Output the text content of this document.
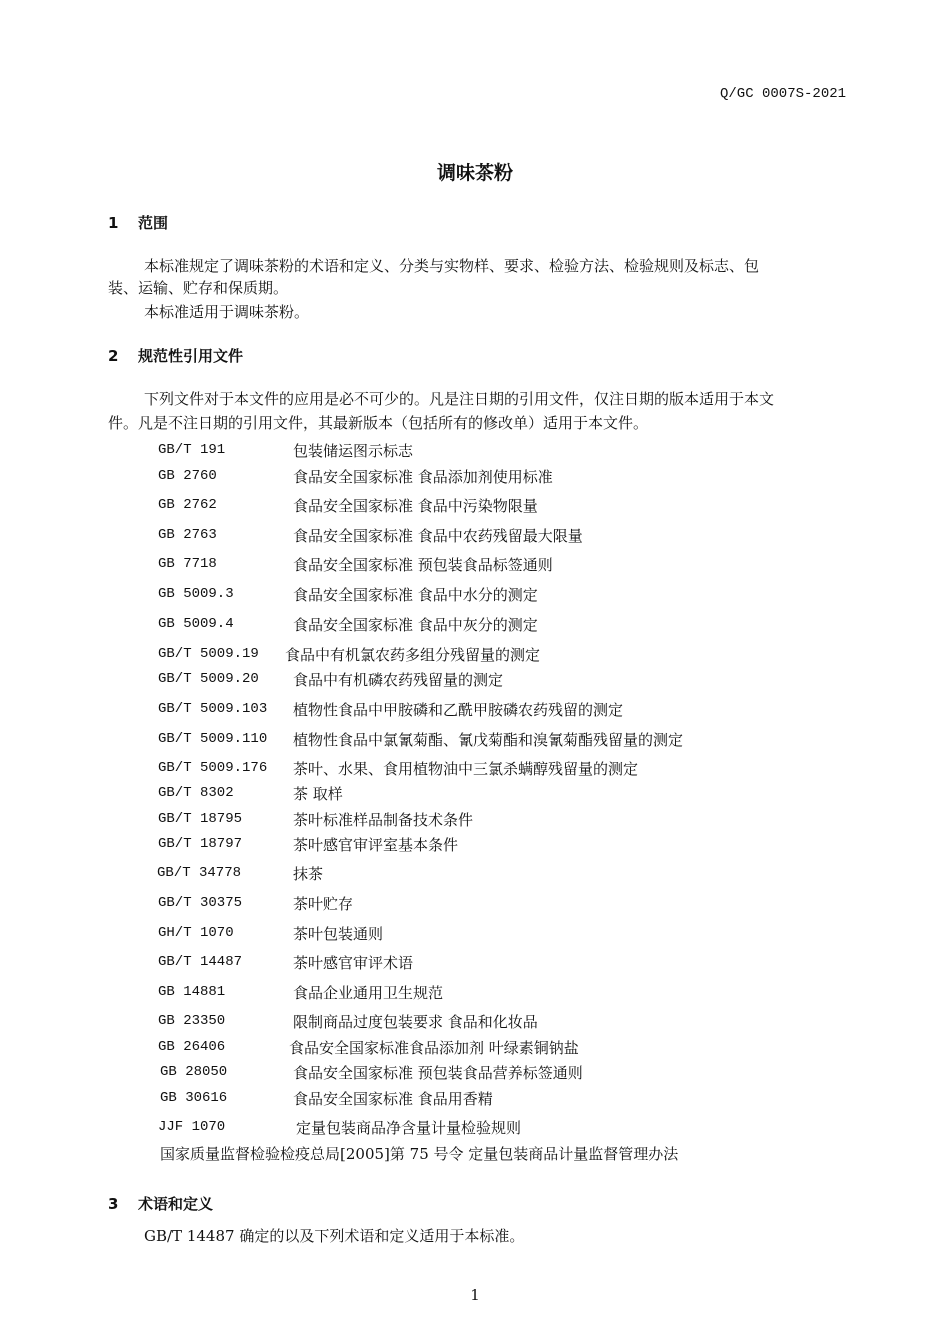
Q/GC 0007S-2021
调味茶粉
1 范围
本标准规定了调味茶粉的术语和定义、分类与实物样、要求、检验方法、检验规则及标志、包
装、运输、贮存和保质期。
本标准适用于调味茶粉。
2 规范性引用文件
下列文件对于本文件的应用是必不可少的。凡是注日期的引用文件，仅注日期的版本适用于本文
件。凡是不注日期的引用文件，其最新版本（包括所有的修改单）适用于本文件。
GB/T 191	包装储运图示标志
GB 2760	食品安全国家标准 食品添加剂使用标准
GB 2762	食品安全国家标准 食品中污染物限量
GB 2763	食品安全国家标准 食品中农药残留最大限量
GB 7718	食品安全国家标准 预包装食品标签通则
GB 5009.3	食品安全国家标准 食品中水分的测定
GB 5009.4	食品安全国家标准 食品中灰分的测定
GB/T 5009.19 食品中有机氯农药多组分残留量的测定
GB/T 5009.20 食品中有机磷农药残留量的测定
GB/T 5009.103 植物性食品中甲胺磷和乙酰甲胺磷农药残留的测定
GB/T 5009.110 植物性食品中氯氰菊酯、氰戊菊酯和溴氰菊酯残留量的测定
GB/T 5009.176 茶叶、水果、食用植物油中三氯杀螨醇残留量的测定
GB/T 8302	茶 取样
GB/T 18795	茶叶标准样品制备技术条件
GB/T 18797	茶叶感官审评室基本条件
GB/T 34778	抹茶
GB/T 30375	茶叶贮存
GH/T 1070	茶叶包装通则
GB/T 14487	茶叶感官审评术语
GB 14881	食品企业通用卫生规范
GB 23350	限制商品过度包装要求 食品和化妆品
GB 26406	食品安全国家标准食品添加剂 叶绿素铜钠盐
GB 28050	食品安全国家标准 预包装食品营养标签通则
GB 30616	食品安全国家标准 食品用香精
JJF 1070	定量包装商品净含量计量检验规则
国家质量监督检验检疫总局[2005]第 75 号令 定量包装商品计量监督管理办法
3 术语和定义
GB/T 14487 确定的以及下列术语和定义适用于本标准。
1
